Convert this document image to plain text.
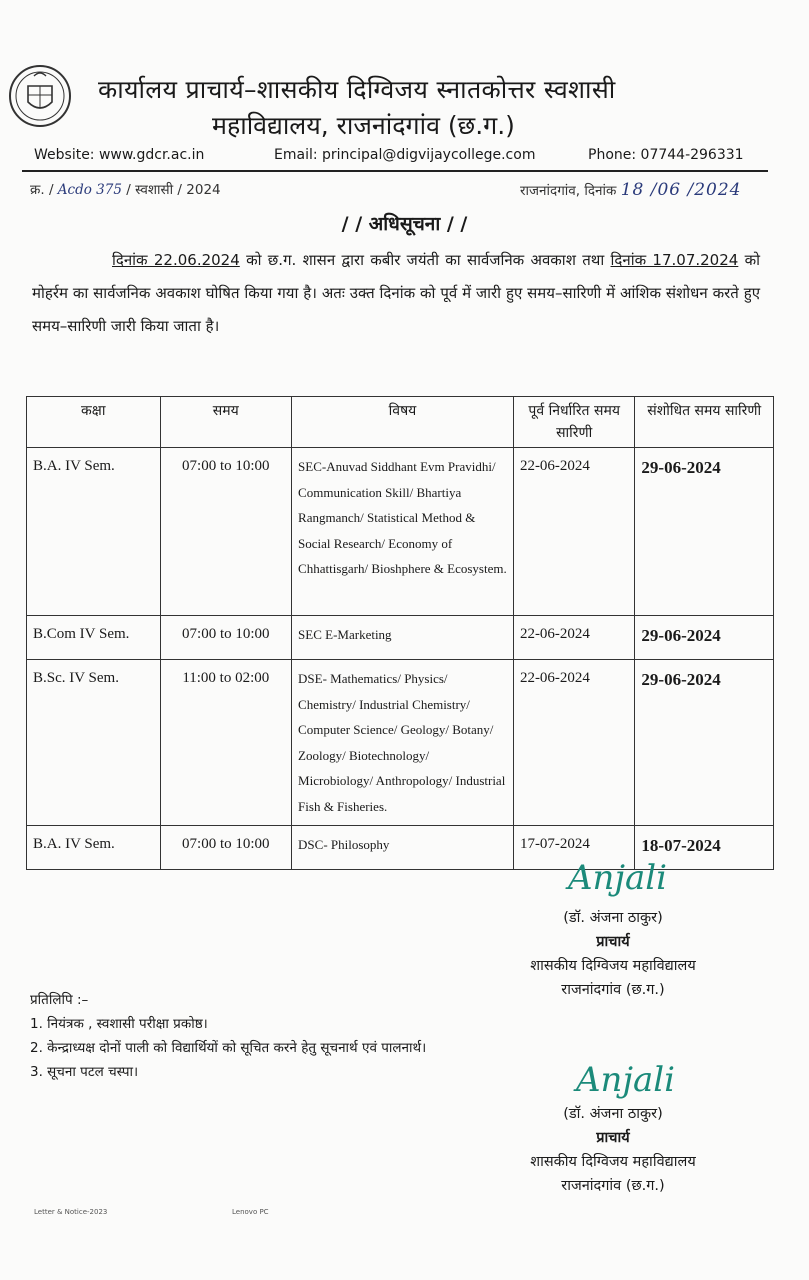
कार्यालय प्राचार्य–शासकीय दिग्विजय स्नातकोत्तर स्वशासी
महाविद्यालय, राजनांदगांव (छ.ग.)
Website: www.gdcr.ac.in	Email: principal@digvijaycollege.com	Phone: 07744-296331
क्र. / Acdo 375 / स्वशासी / 2024	राजनांदगांव, दिनांक 18 /06 /2024
/ / अधिसूचना / /
दिनांक 22.06.2024 को छ.ग. शासन द्वारा कबीर जयंती का सार्वजनिक अवकाश तथा दिनांक 17.07.2024 को मोहर्रम का सार्वजनिक अवकाश घोषित किया गया है। अतः उक्त दिनांक को पूर्व में जारी हुए समय–सारिणी में आंशिक संशोधन करते हुए समय–सारिणी जारी किया जाता है।
कक्षा	समय	विषय	पूर्व निर्धारित समय सारिणी	संशोधित समय सारिणी
B.A. IV Sem.	07:00 to 10:00	SEC-Anuvad Siddhant Evm Pravidhi/ Communication Skill/ Bhartiya Rangmanch/ Statistical Method & Social Research/ Economy of Chhattisgarh/ Bioshphere & Ecosystem.	22-06-2024	29-06-2024
B.Com IV Sem.	07:00 to 10:00	SEC E-Marketing	22-06-2024	29-06-2024
B.Sc. IV Sem.	11:00 to 02:00	DSE- Mathematics/ Physics/ Chemistry/ Industrial Chemistry/ Computer Science/ Geology/ Botany/ Zoology/ Biotechnology/ Microbiology/ Anthropology/ Industrial Fish & Fisheries.	22-06-2024	29-06-2024
B.A. IV Sem.	07:00 to 10:00	DSC- Philosophy	17-07-2024	18-07-2024
Anjali
(डॉ. अंजना ठाकुर)
प्राचार्य
शासकीय दिग्विजय महाविद्यालय
राजनांदगांव (छ.ग.)
प्रतिलिपि :–
1. नियंत्रक , स्वशासी परीक्षा प्रकोष्ठ।
2. केन्द्राध्यक्ष दोनों पाली को विद्यार्थियों को सूचित करने हेतु सूचनार्थ एवं पालनार्थ।
3. सूचना पटल चस्पा।	Anjali
(डॉ. अंजना ठाकुर)
प्राचार्य
शासकीय दिग्विजय महाविद्यालय
राजनांदगांव (छ.ग.)
Letter & Notice-2023	Lenovo PC
